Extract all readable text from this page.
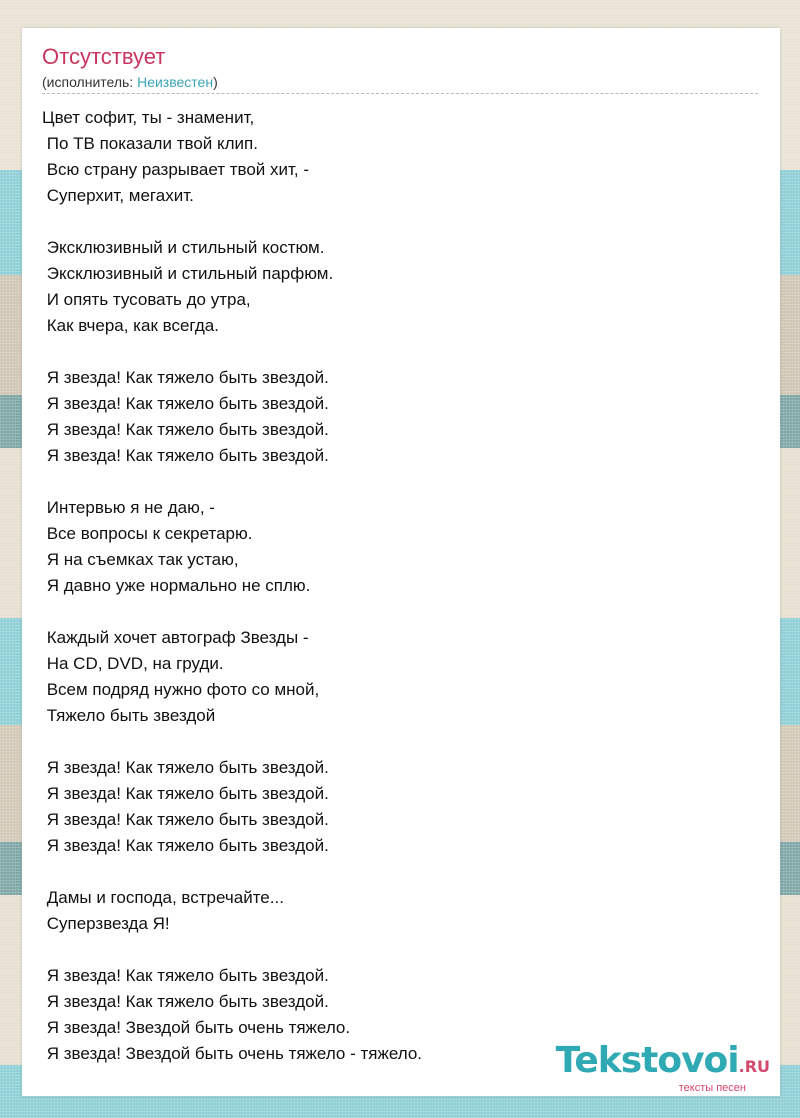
Отсутствует
(исполнитель: Неизвестен)
Цвет софит, ты - знаменит,
По ТВ показали твой клип.
Всю страну разрывает твой хит, -
Суперхит, мегахит.
Эксклюзивный и стильный костюм.
Эксклюзивный и стильный парфюм.
И опять тусовать до утра,
Как вчера, как всегда.
Я звезда! Как тяжело быть звездой.
Я звезда! Как тяжело быть звездой.
Я звезда! Как тяжело быть звездой.
Я звезда! Как тяжело быть звездой.
Интервью я не даю, -
Все вопросы к секретарю.
Я на съемках так устаю,
Я давно уже нормально не сплю.
Каждый хочет автограф Звезды -
На CD, DVD, на груди.
Всем подряд нужно фото со мной,
Тяжело быть звездой
Я звезда! Как тяжело быть звездой.
Я звезда! Как тяжело быть звездой.
Я звезда! Как тяжело быть звездой.
Я звезда! Как тяжело быть звездой.
Дамы и господа, встречайте...
Суперзвезда Я!
Я звезда! Как тяжело быть звездой.
Я звезда! Как тяжело быть звездой.
Я звезда! Звездой быть очень тяжело.
Я звезда! Звездой быть очень тяжело - тяжело.	Tekstovoi.RU
тексты песен
